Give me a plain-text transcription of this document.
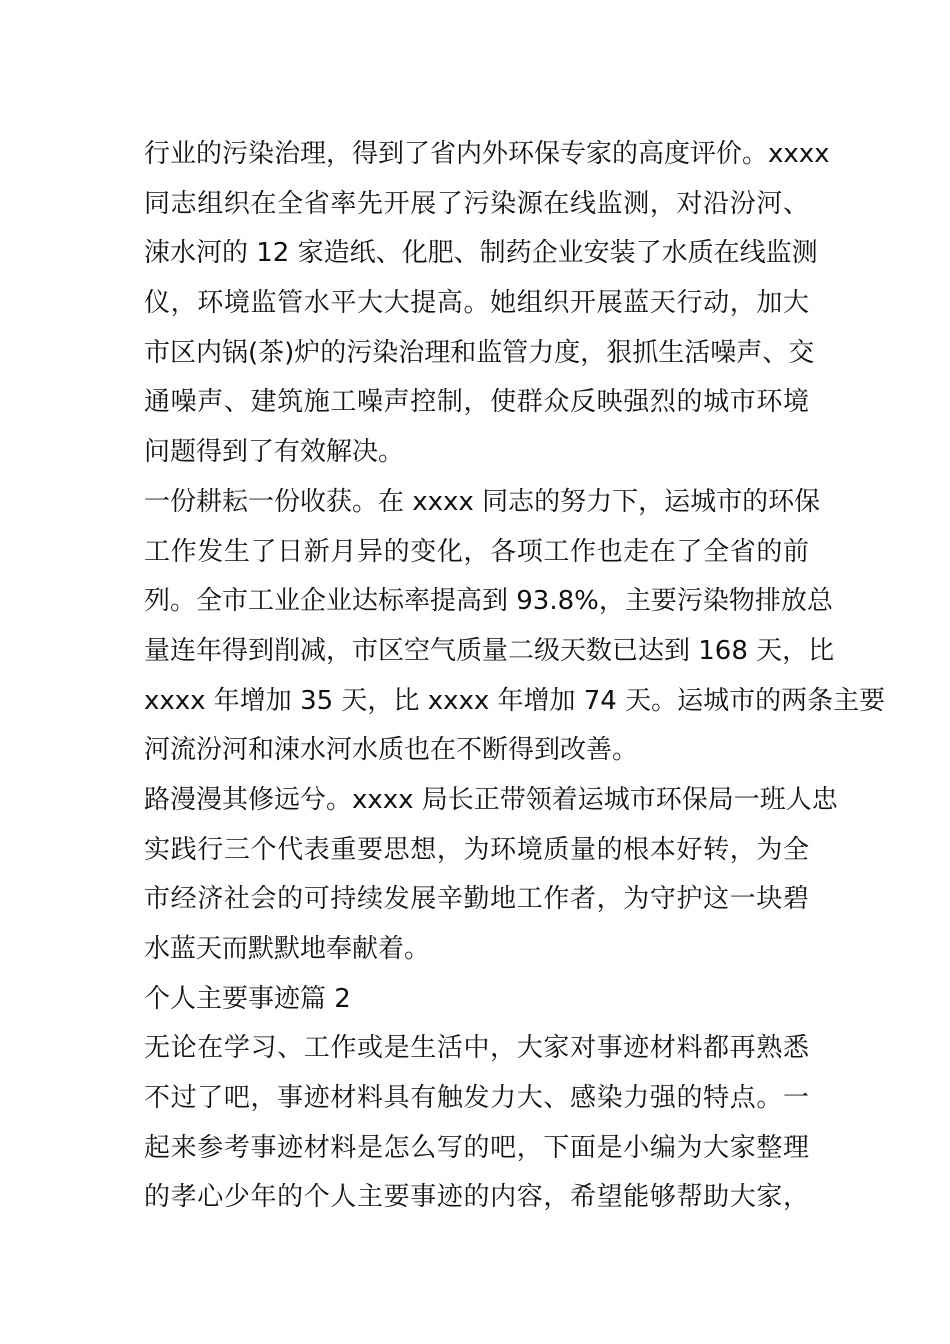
行业的污染治理，得到了省内外环保专家的高度评价。xxxx
同志组织在全省率先开展了污染源在线监测，对沿汾河、
涑水河的 12 家造纸、化肥、制药企业安装了水质在线监测
仪，环境监管水平大大提高。她组织开展蓝天行动，加大
市区内锅(茶)炉的污染治理和监管力度，狠抓生活噪声、交
通噪声、建筑施工噪声控制，使群众反映强烈的城市环境
问题得到了有效解决。
一份耕耘一份收获。在 xxxx 同志的努力下，运城市的环保
工作发生了日新月异的变化，各项工作也走在了全省的前
列。全市工业企业达标率提高到 93.8%，主要污染物排放总
量连年得到削减，市区空气质量二级天数已达到 168 天，比
xxxx 年增加 35 天，比 xxxx 年增加 74 天。运城市的两条主要
河流汾河和涑水河水质也在不断得到改善。
路漫漫其修远兮。xxxx 局长正带领着运城市环保局一班人忠
实践行三个代表重要思想，为环境质量的根本好转，为全
市经济社会的可持续发展辛勤地工作者，为守护这一块碧
水蓝天而默默地奉献着。
个人主要事迹篇 2
无论在学习、工作或是生活中，大家对事迹材料都再熟悉
不过了吧，事迹材料具有触发力大、感染力强的特点。一
起来参考事迹材料是怎么写的吧，下面是小编为大家整理
的孝心少年的个人主要事迹的内容，希望能够帮助大家，
